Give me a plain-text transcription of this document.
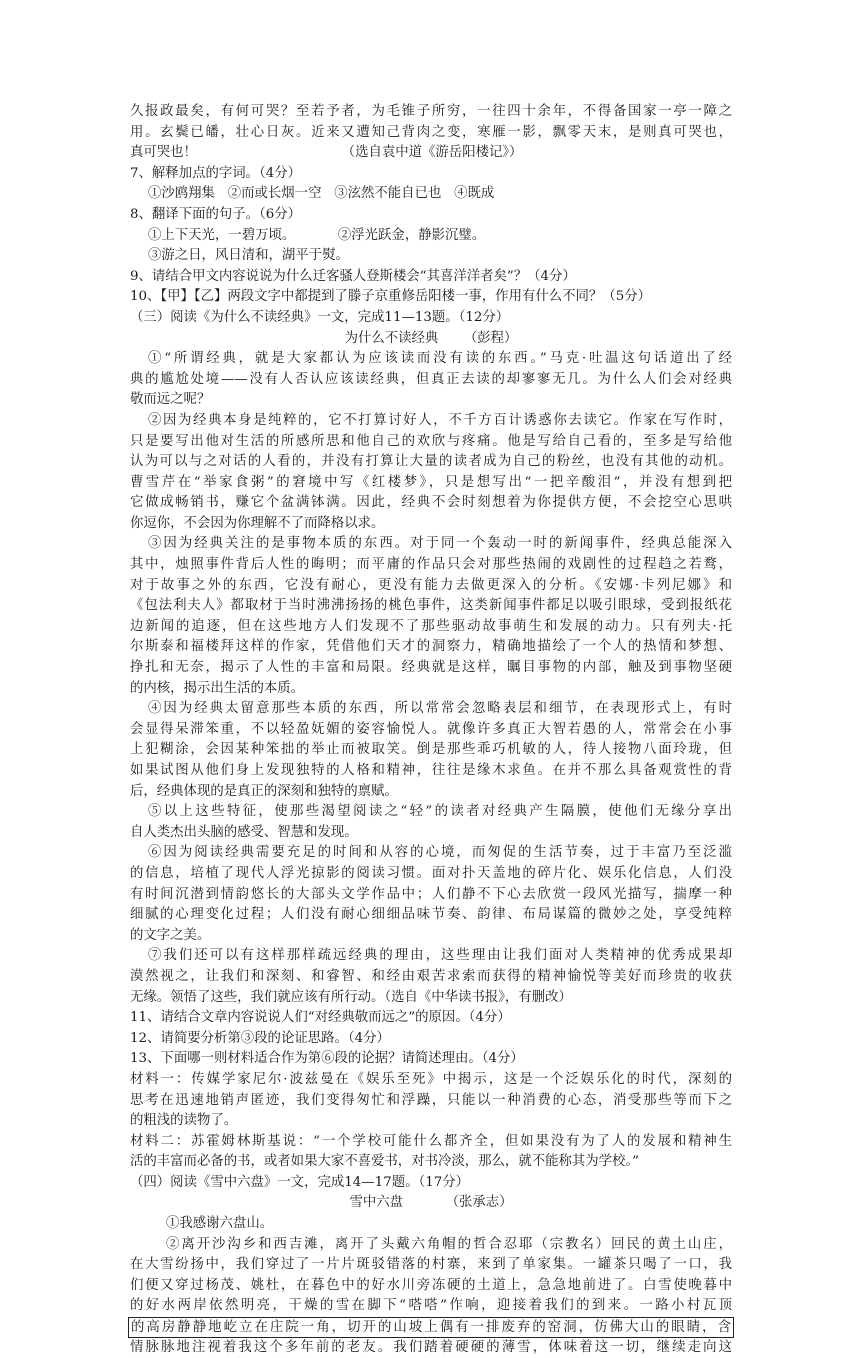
久报政最矣，有何可哭？至若予者，为毛锥子所穷，一往四十余年，不得备国家一亭一障之
用。玄鬓已皤，壮心日灰。近来又遭知己背肉之变，寒雁一影，飘零天末，是则真可哭也，
真可哭也！                                  （选自袁中道《游岳阳楼记》）
7、解释加点的字词。（4分）
①沙鸥翔集   ②而或长烟一空   ③泫然不能自已也   ④既成
8、翻译下面的句子。（6分）
①上下天光，一碧万顷。          ②浮光跃金，静影沉璧。
③游之日，风日清和，湖平于熨。
9、请结合甲文内容说说为什么迁客骚人登斯楼会“其喜洋洋者矣”？（4分）
10、【甲】【乙】两段文字中都提到了滕子京重修岳阳楼一事，作用有什么不同？（5分）
（三）阅读《为什么不读经典》一文，完成11—13题。（12分）
为什么不读经典      （彭程）
①“所谓经典，就是大家都认为应该读而没有读的东西。”马克·吐温这句话道出了经
典的尴尬处境——没有人否认应该读经典，但真正去读的却寥寥无几。为什么人们会对经典
敬而远之呢？
②因为经典本身是纯粹的，它不打算讨好人，不千方百计诱惑你去读它。作家在写作时，
只是要写出他对生活的所感所思和他自己的欢欣与疼痛。他是写给自己看的，至多是写给他
认为可以与之对话的人看的，并没有打算让大量的读者成为自己的粉丝，也没有其他的动机。
曹雪芹在“举家食粥”的窘境中写《红楼梦》，只是想写出“一把辛酸泪”，并没有想到把
它做成畅销书，赚它个盆满钵满。因此，经典不会时刻想着为你提供方便，不会挖空心思哄
你逗你，不会因为你理解不了而降格以求。
③因为经典关注的是事物本质的东西。对于同一个轰动一时的新闻事件，经典总能深入
其中，烛照事件背后人性的晦明；而平庸的作品只会对那些热闹的戏剧性的过程趋之若鹜，
对于故事之外的东西，它没有耐心，更没有能力去做更深入的分析。《安娜·卡列尼娜》和
《包法利夫人》都取材于当时沸沸扬扬的桃色事件，这类新闻事件都足以吸引眼球，受到报纸花
边新闻的追逐，但在这些地方人们发现不了那些驱动故事萌生和发展的动力。只有列夫·托
尔斯泰和福楼拜这样的作家，凭借他们天才的洞察力，精确地描绘了一个人的热情和梦想、
挣扎和无奈，揭示了人性的丰富和局限。经典就是这样，瞩目事物的内部，触及到事物坚硬
的内核，揭示出生活的本质。
④因为经典太留意那些本质的东西，所以常常会忽略表层和细节，在表现形式上，有时
会显得呆滞笨重，不以轻盈妩媚的姿容愉悦人。就像许多真正大智若愚的人，常常会在小事
上犯糊涂，会因某种笨拙的举止而被取笑。倒是那些乖巧机敏的人，待人接物八面玲珑，但
如果试图从他们身上发现独特的人格和精神，往往是缘木求鱼。在并不那么具备观赏性的背
后，经典体现的是真正的深刻和独特的禀赋。
⑤以上这些特征，使那些渴望阅读之“轻”的读者对经典产生隔膜，使他们无缘分享出
自人类杰出头脑的感受、智慧和发现。
⑥因为阅读经典需要充足的时间和从容的心境，而匆促的生活节奏，过于丰富乃至泛滥
的信息，培植了现代人浮光掠影的阅读习惯。面对扑天盖地的碎片化、娱乐化信息，人们没
有时间沉潜到情韵悠长的大部头文学作品中；人们静不下心去欣赏一段风光描写，揣摩一种
细腻的心理变化过程；人们没有耐心细细品味节奏、韵律、布局谋篇的微妙之处，享受纯粹
的文字之美。
⑦我们还可以有这样那样疏远经典的理由，这些理由让我们面对人类精神的优秀成果却
漠然视之，让我们和深刻、和睿智、和经由艰苦求索而获得的精神愉悦等美好而珍贵的收获
无缘。领悟了这些，我们就应该有所行动。（选自《中华读书报》，有删改）
11、请结合文章内容说说人们“对经典敬而远之”的原因。（4分）
12、请简要分析第③段的论证思路。（4分）
13、下面哪一则材料适合作为第⑥段的论据？请简述理由。（4分）
材料一：传媒学家尼尔·波兹曼在《娱乐至死》中揭示，这是一个泛娱乐化的时代，深刻的
思考在迅速地销声匿迹，我们变得匆忙和浮躁，只能以一种消费的心态，消受那些等而下之
的粗浅的读物了。
材料二：苏霍姆林斯基说：“一个学校可能什么都齐全，但如果没有为了人的发展和精神生
活的丰富而必备的书，或者如果大家不喜爱书，对书冷淡，那么，就不能称其为学校。”
（四）阅读《雪中六盘》一文，完成14—17题。（17分）
雪中六盘          （张承志）
①我感谢六盘山。
②离开沙沟乡和西吉滩，离开了头戴六角帽的哲合忍耶（宗教名）回民的黄土山庄，
在大雪纷扬中，我们穿过了一片片斑驳错落的村寨，来到了单家集。一罐茶只喝了一口，我
们便又穿过杨茂、姚杜，在暮色中的好水川旁冻硬的土道上，急急地前进了。白雪使晚暮中
的好水两岸依然明亮，干燥的雪在脚下“嗒嗒”作响，迎接着我们的到来。一路小村瓦顶
的高房静静地屹立在庄院一角，切开的山坡上偶有一排废弃的窑洞，仿佛大山的眼睛，含
情脉脉地注视着我这个多年前的老友。我们踏着硬硬的薄雪，体味着这一切，继续走向这
